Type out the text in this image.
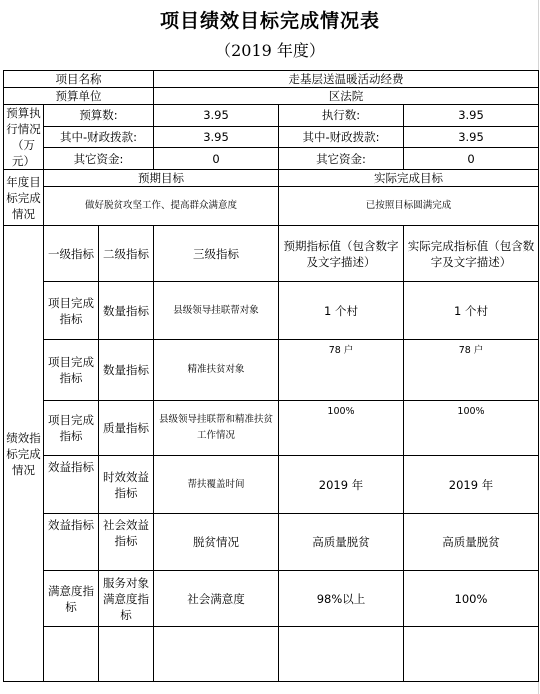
项目绩效目标完成情况表
（2019 年度）
项目名称			走基层送温暖活动经费		
预算单位			区法院		
预算执行情况（万元）	预算数:		3.95	执行数:	3.95
	其中-财政拨款:		3.95	其中-财政拨款:	3.95
	其它资金:		0	其它资金:	0
年度目标完成情况	预期目标			实际完成目标	
	做好脱贫攻坚工作、提高群众满意度			已按照目标圆满完成	
绩效指标完成情况	一级指标	二级指标	三级指标	预期指标值（包含数字及文字描述）	实际完成指标值（包含数字及文字描述）
	项目完成指标	数量指标	县级领导挂联帮对象	1 个村	1 个村
	项目完成指标	数量指标	精准扶贫对象	78 户	78 户
	项目完成指标	质量指标	县级领导挂联帮和精准扶贫工作情况	100%	100%
	效益指标	时效效益指标	帮扶覆盖时间	2019 年	2019 年
	效益指标	社会效益指标	脱贫情况	高质量脱贫	高质量脱贫
	满意度指标	服务对象满意度指标	社会满意度	98%以上	100%
